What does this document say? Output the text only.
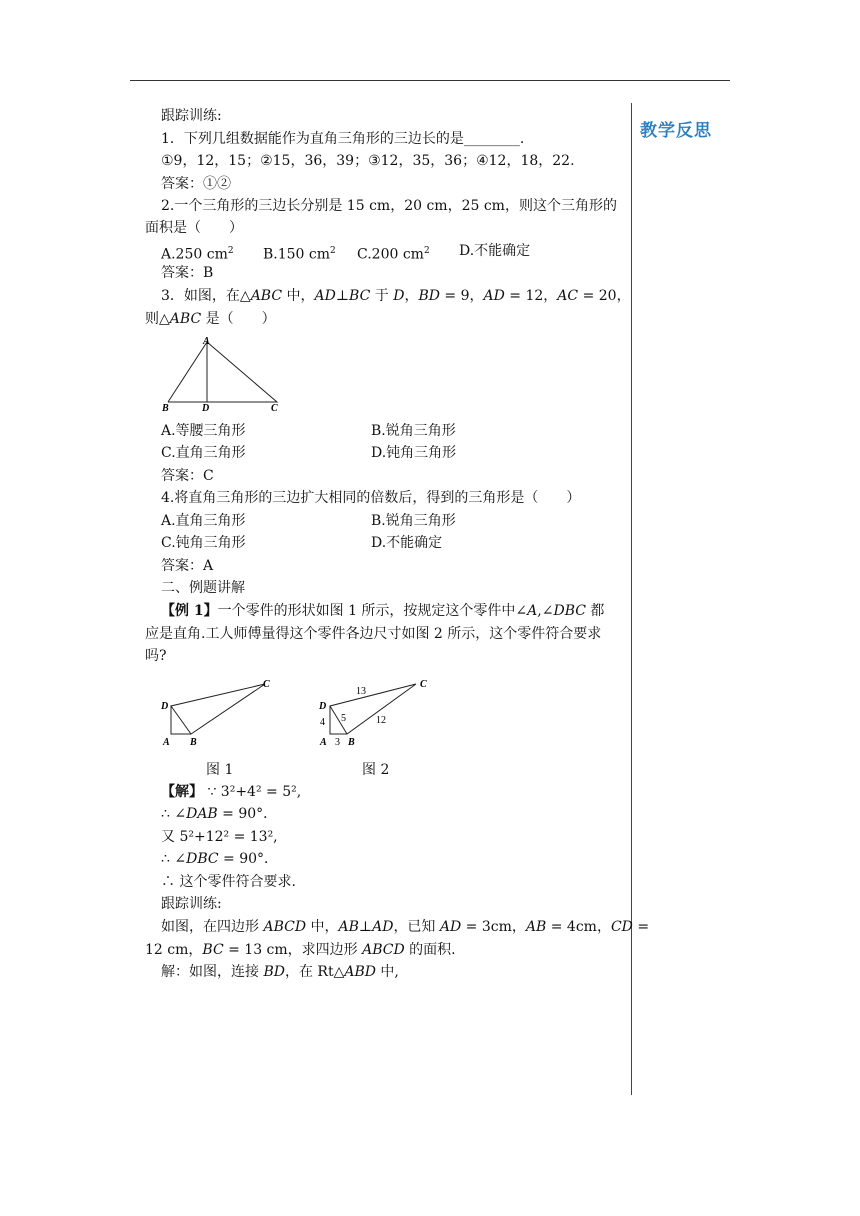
教学反思
跟踪训练:
1．下列几组数据能作为直角三角形的三边长的是________.
①9，12，15；②15，36，39；③12，35，36；④12，18，22.
答案：①②
2.一个三角形的三边长分别是 15 cm，20 cm，25 cm，则这个三角形的
面积是（　　）
A.250 $cm^2$ B.150 $cm^2$ C.200 $cm^2$ D.不能确定
答案：B
3．如图，在△ABC 中，AD⊥BC 于 D，BD = 9，AD = 12，AC = 20，
则△ABC 是（　　）
A
B	D	C
A.等腰三角形	B.锐角三角形
C.直角三角形	D.钝角三角形
答案：C
4.将直角三角形的三边扩大相同的倍数后，得到的三角形是（　　）
A.直角三角形	B.锐角三角形
C.钝角三角形	D.不能确定
答案：A
二、例题讲解
【例 1】一个零件的形状如图 1 所示，按规定这个零件中∠A,∠DBC 都
应是直角.工人师傅量得这个零件各边尺寸如图 2 所示，这个零件符合要求
吗?
D
C
A B
图 1
D
C
A B
13
4 5	12
3
图 2
【解】 ∵ 3²+4² = 5²,
∴ ∠DAB = 90°．
又 5²+12² = 13²,
∴ ∠DBC = 90°．
∴ 这个零件符合要求.
跟踪训练:
如图，在四边形 ABCD 中，AB⊥AD，已知 AD = 3cm，AB = 4cm，CD =
12 cm，BC = 13 cm，求四边形 ABCD 的面积.
解：如图，连接 BD，在 Rt△ABD 中,
